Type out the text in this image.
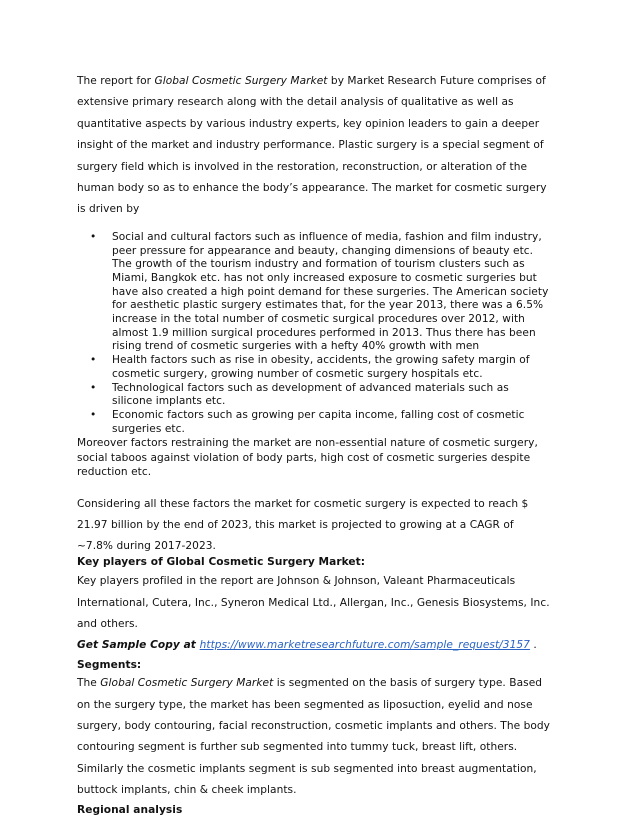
The report for Global Cosmetic Surgery Market by Market Research Future comprises of extensive primary research along with the detail analysis of qualitative as well as quantitative aspects by various industry experts, key opinion leaders to gain a deeper insight of the market and industry performance. Plastic surgery is a special segment of surgery field which is involved in the restoration, reconstruction, or alteration of the human body so as to enhance the body’s appearance. The market for cosmetic surgery is driven by

• Social and cultural factors such as influence of media, fashion and film industry, peer pressure for appearance and beauty, changing dimensions of beauty etc. The growth of the tourism industry and formation of tourism clusters such as Miami, Bangkok etc. has not only increased exposure to cosmetic surgeries but have also created a high point demand for these surgeries. The American society for aesthetic plastic surgery estimates that, for the year 2013, there was a 6.5% increase in the total number of cosmetic surgical procedures over 2012, with almost 1.9 million surgical procedures performed in 2013. Thus there has been rising trend of cosmetic surgeries with a hefty 40% growth with men
• Health factors such as rise in obesity, accidents, the growing safety margin of cosmetic surgery, growing number of cosmetic surgery hospitals etc.
• Technological factors such as development of advanced materials such as silicone implants etc.
• Economic factors such as growing per capita income, falling cost of cosmetic surgeries etc.

Moreover factors restraining the market are non-essential nature of cosmetic surgery, social taboos against violation of body parts, high cost of cosmetic surgeries despite reduction etc.

Considering all these factors the market for cosmetic surgery is expected to reach $ 21.97 billion by the end of 2023, this market is projected to growing at a CAGR of ~7.8% during 2017-2023.

Key players of Global Cosmetic Surgery Market:

Key players profiled in the report are Johnson & Johnson, Valeant Pharmaceuticals International, Cutera, Inc., Syneron Medical Ltd., Allergan, Inc., Genesis Biosystems, Inc. and others.

Get Sample Copy at https://www.marketresearchfuture.com/sample_request/3157 .

Segments:

The Global Cosmetic Surgery Market is segmented on the basis of surgery type. Based on the surgery type, the market has been segmented as liposuction, eyelid and nose surgery, body contouring, facial reconstruction, cosmetic implants and others. The body contouring segment is further sub segmented into tummy tuck, breast lift, others. Similarly the cosmetic implants segment is sub segmented into breast augmentation, buttock implants, chin & cheek implants.

Regional analysis
